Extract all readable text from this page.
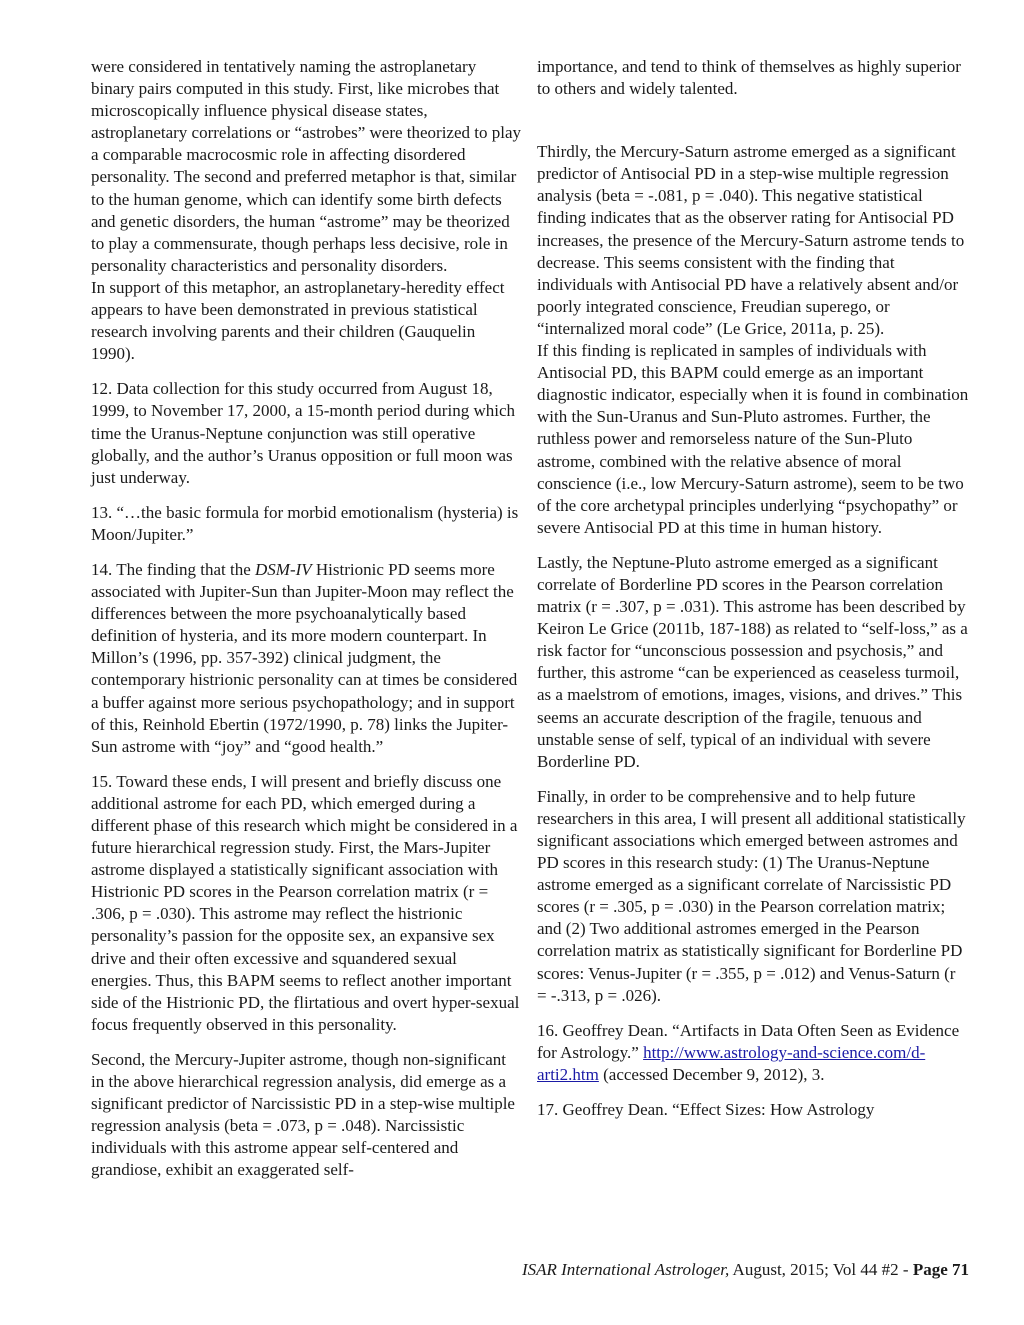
were considered in tentatively naming the astroplanetary binary pairs computed in this study. First, like microbes that microscopically influence physical disease states, astroplanetary correlations or “astrobes” were theorized to play a comparable macrocosmic role in affecting disordered personality. The second and preferred metaphor is that, similar to the human genome, which can identify some birth defects and genetic disorders, the human “astrome” may be theorized to play a commensurate, though perhaps less decisive, role in personality characteristics and personality disorders.

In support of this metaphor, an astroplanetary-heredity effect appears to have been demonstrated in previous statistical research involving parents and their children (Gauquelin 1990).

12. Data collection for this study occurred from August 18, 1999, to November 17, 2000, a 15-month period during which time the Uranus-Neptune conjunction was still operative globally, and the author’s Uranus opposition or full moon was just underway.

13. “…the basic formula for morbid emotionalism (hysteria) is Moon/Jupiter.”

14. The finding that the DSM-IV Histrionic PD seems more associated with Jupiter-Sun than Jupiter-Moon may reflect the differences between the more psychoanalytically based definition of hysteria, and its more modern counterpart. In Millon’s (1996, pp. 357-392) clinical judgment, the contemporary histrionic personality can at times be considered a buffer against more serious psychopathology; and in support of this, Reinhold Ebertin (1972/1990, p. 78) links the Jupiter-Sun astrome with “joy” and “good health.”

15. Toward these ends, I will present and briefly discuss one additional astrome for each PD, which emerged during a different phase of this research which might be considered in a future hierarchical regression study. First, the Mars-Jupiter astrome displayed a statistically significant association with Histrionic PD scores in the Pearson correlation matrix (r = .306, p = .030). This astrome may reflect the histrionic personality’s passion for the opposite sex, an expansive sex drive and their often excessive and squandered sexual energies. Thus, this BAPM seems to reflect another important side of the Histrionic PD, the flirtatious and overt hyper-sexual focus frequently observed in this personality.

Second, the Mercury-Jupiter astrome, though non-significant in the above hierarchical regression analysis, did emerge as a significant predictor of Narcissistic PD in a step-wise multiple regression analysis (beta = .073, p = .048). Narcissistic individuals with this astrome appear self-centered and grandiose, exhibit an exaggerated self-

importance, and tend to think of themselves as highly superior to others and widely talented.

Thirdly, the Mercury-Saturn astrome emerged as a significant predictor of Antisocial PD in a step-wise multiple regression analysis (beta = -.081, p = .040). This negative statistical finding indicates that as the observer rating for Antisocial PD increases, the presence of the Mercury-Saturn astrome tends to decrease. This seems consistent with the finding that individuals with Antisocial PD have a relatively absent and/or poorly integrated conscience, Freudian superego, or “internalized moral code” (Le Grice, 2011a, p. 25).

If this finding is replicated in samples of individuals with Antisocial PD, this BAPM could emerge as an important diagnostic indicator, especially when it is found in combination with the Sun-Uranus and Sun-Pluto astromes. Further, the ruthless power and remorseless nature of the Sun-Pluto astrome, combined with the relative absence of moral conscience (i.e., low Mercury-Saturn astrome), seem to be two of the core archetypal principles underlying “psychopathy” or severe Antisocial PD at this time in human history.

Lastly, the Neptune-Pluto astrome emerged as a significant correlate of Borderline PD scores in the Pearson correlation matrix (r = .307, p = .031). This astrome has been described by Keiron Le Grice (2011b, 187-188) as related to “self-loss,” as a risk factor for “unconscious possession and psychosis,” and further, this astrome “can be experienced as ceaseless turmoil, as a maelstrom of emotions, images, visions, and drives.” This seems an accurate description of the fragile, tenuous and unstable sense of self, typical of an individual with severe Borderline PD.

Finally, in order to be comprehensive and to help future researchers in this area, I will present all additional statistically significant associations which emerged between astromes and PD scores in this research study: (1) The Uranus-Neptune astrome emerged as a significant correlate of Narcissistic PD scores (r = .305, p = .030) in the Pearson correlation matrix; and (2) Two additional astromes emerged in the Pearson correlation matrix as statistically significant for Borderline PD scores: Venus-Jupiter (r = .355, p = .012) and Venus-Saturn (r = -.313, p = .026).

16. Geoffrey Dean. “Artifacts in Data Often Seen as Evidence for Astrology.” http://www.astrology-and-science.com/d-arti2.htm (accessed December 9, 2012), 3.

17. Geoffrey Dean. “Effect Sizes: How Astrology

ISAR International Astrologer, August, 2015; Vol 44 #2 - Page 71
